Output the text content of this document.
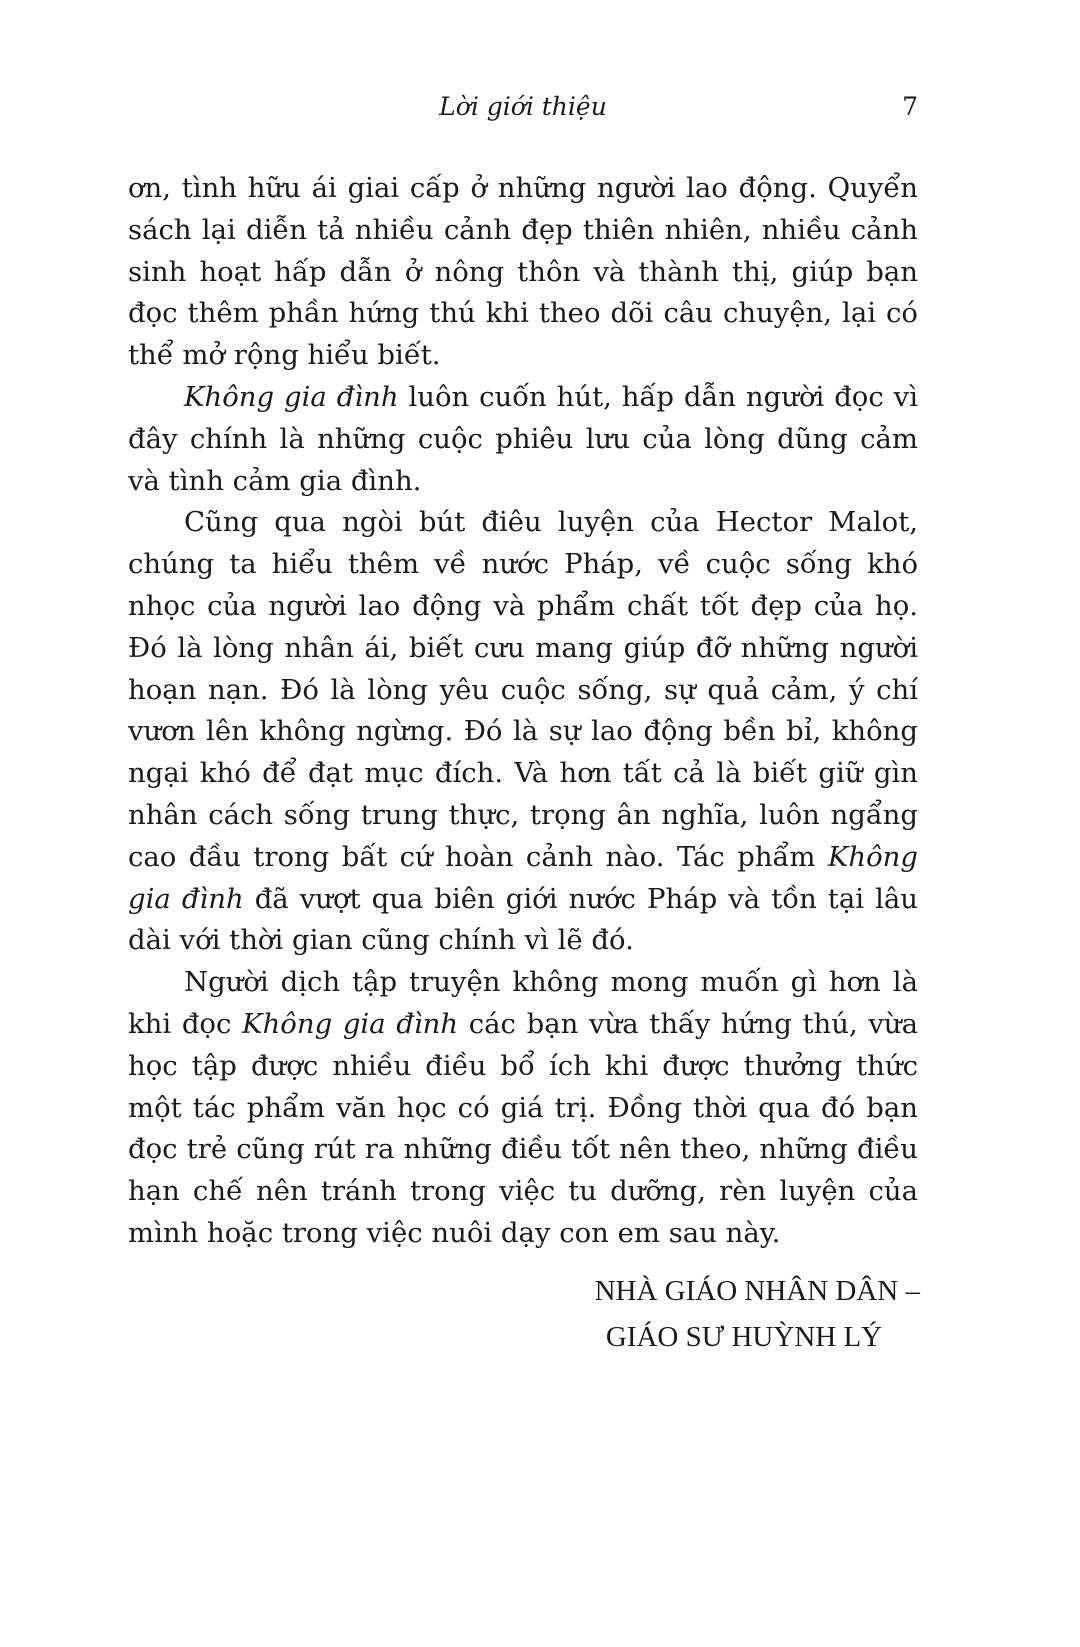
Lời giới thiệu	7

ơn, tình hữu ái giai cấp ở những người lao động. Quyển sách lại diễn tả nhiều cảnh đẹp thiên nhiên, nhiều cảnh sinh hoạt hấp dẫn ở nông thôn và thành thị, giúp bạn đọc thêm phần hứng thú khi theo dõi câu chuyện, lại có thể mở rộng hiểu biết.

Không gia đình luôn cuốn hút, hấp dẫn người đọc vì đây chính là những cuộc phiêu lưu của lòng dũng cảm và tình cảm gia đình.

Cũng qua ngòi bút điêu luyện của Hector Malot, chúng ta hiểu thêm về nước Pháp, về cuộc sống khó nhọc của người lao động và phẩm chất tốt đẹp của họ. Đó là lòng nhân ái, biết cưu mang giúp đỡ những người hoạn nạn. Đó là lòng yêu cuộc sống, sự quả cảm, ý chí vươn lên không ngừng. Đó là sự lao động bền bỉ, không ngại khó để đạt mục đích. Và hơn tất cả là biết giữ gìn nhân cách sống trung thực, trọng ân nghĩa, luôn ngẩng cao đầu trong bất cứ hoàn cảnh nào. Tác phẩm Không gia đình đã vượt qua biên giới nước Pháp và tồn tại lâu dài với thời gian cũng chính vì lẽ đó.

Người dịch tập truyện không mong muốn gì hơn là khi đọc Không gia đình các bạn vừa thấy hứng thú, vừa học tập được nhiều điều bổ ích khi được thưởng thức một tác phẩm văn học có giá trị. Đồng thời qua đó bạn đọc trẻ cũng rút ra những điều tốt nên theo, những điều hạn chế nên tránh trong việc tu dưỡng, rèn luyện của mình hoặc trong việc nuôi dạy con em sau này.

NHÀ GIÁO NHÂN DÂN –
GIÁO SƯ HUỲNH LÝ
